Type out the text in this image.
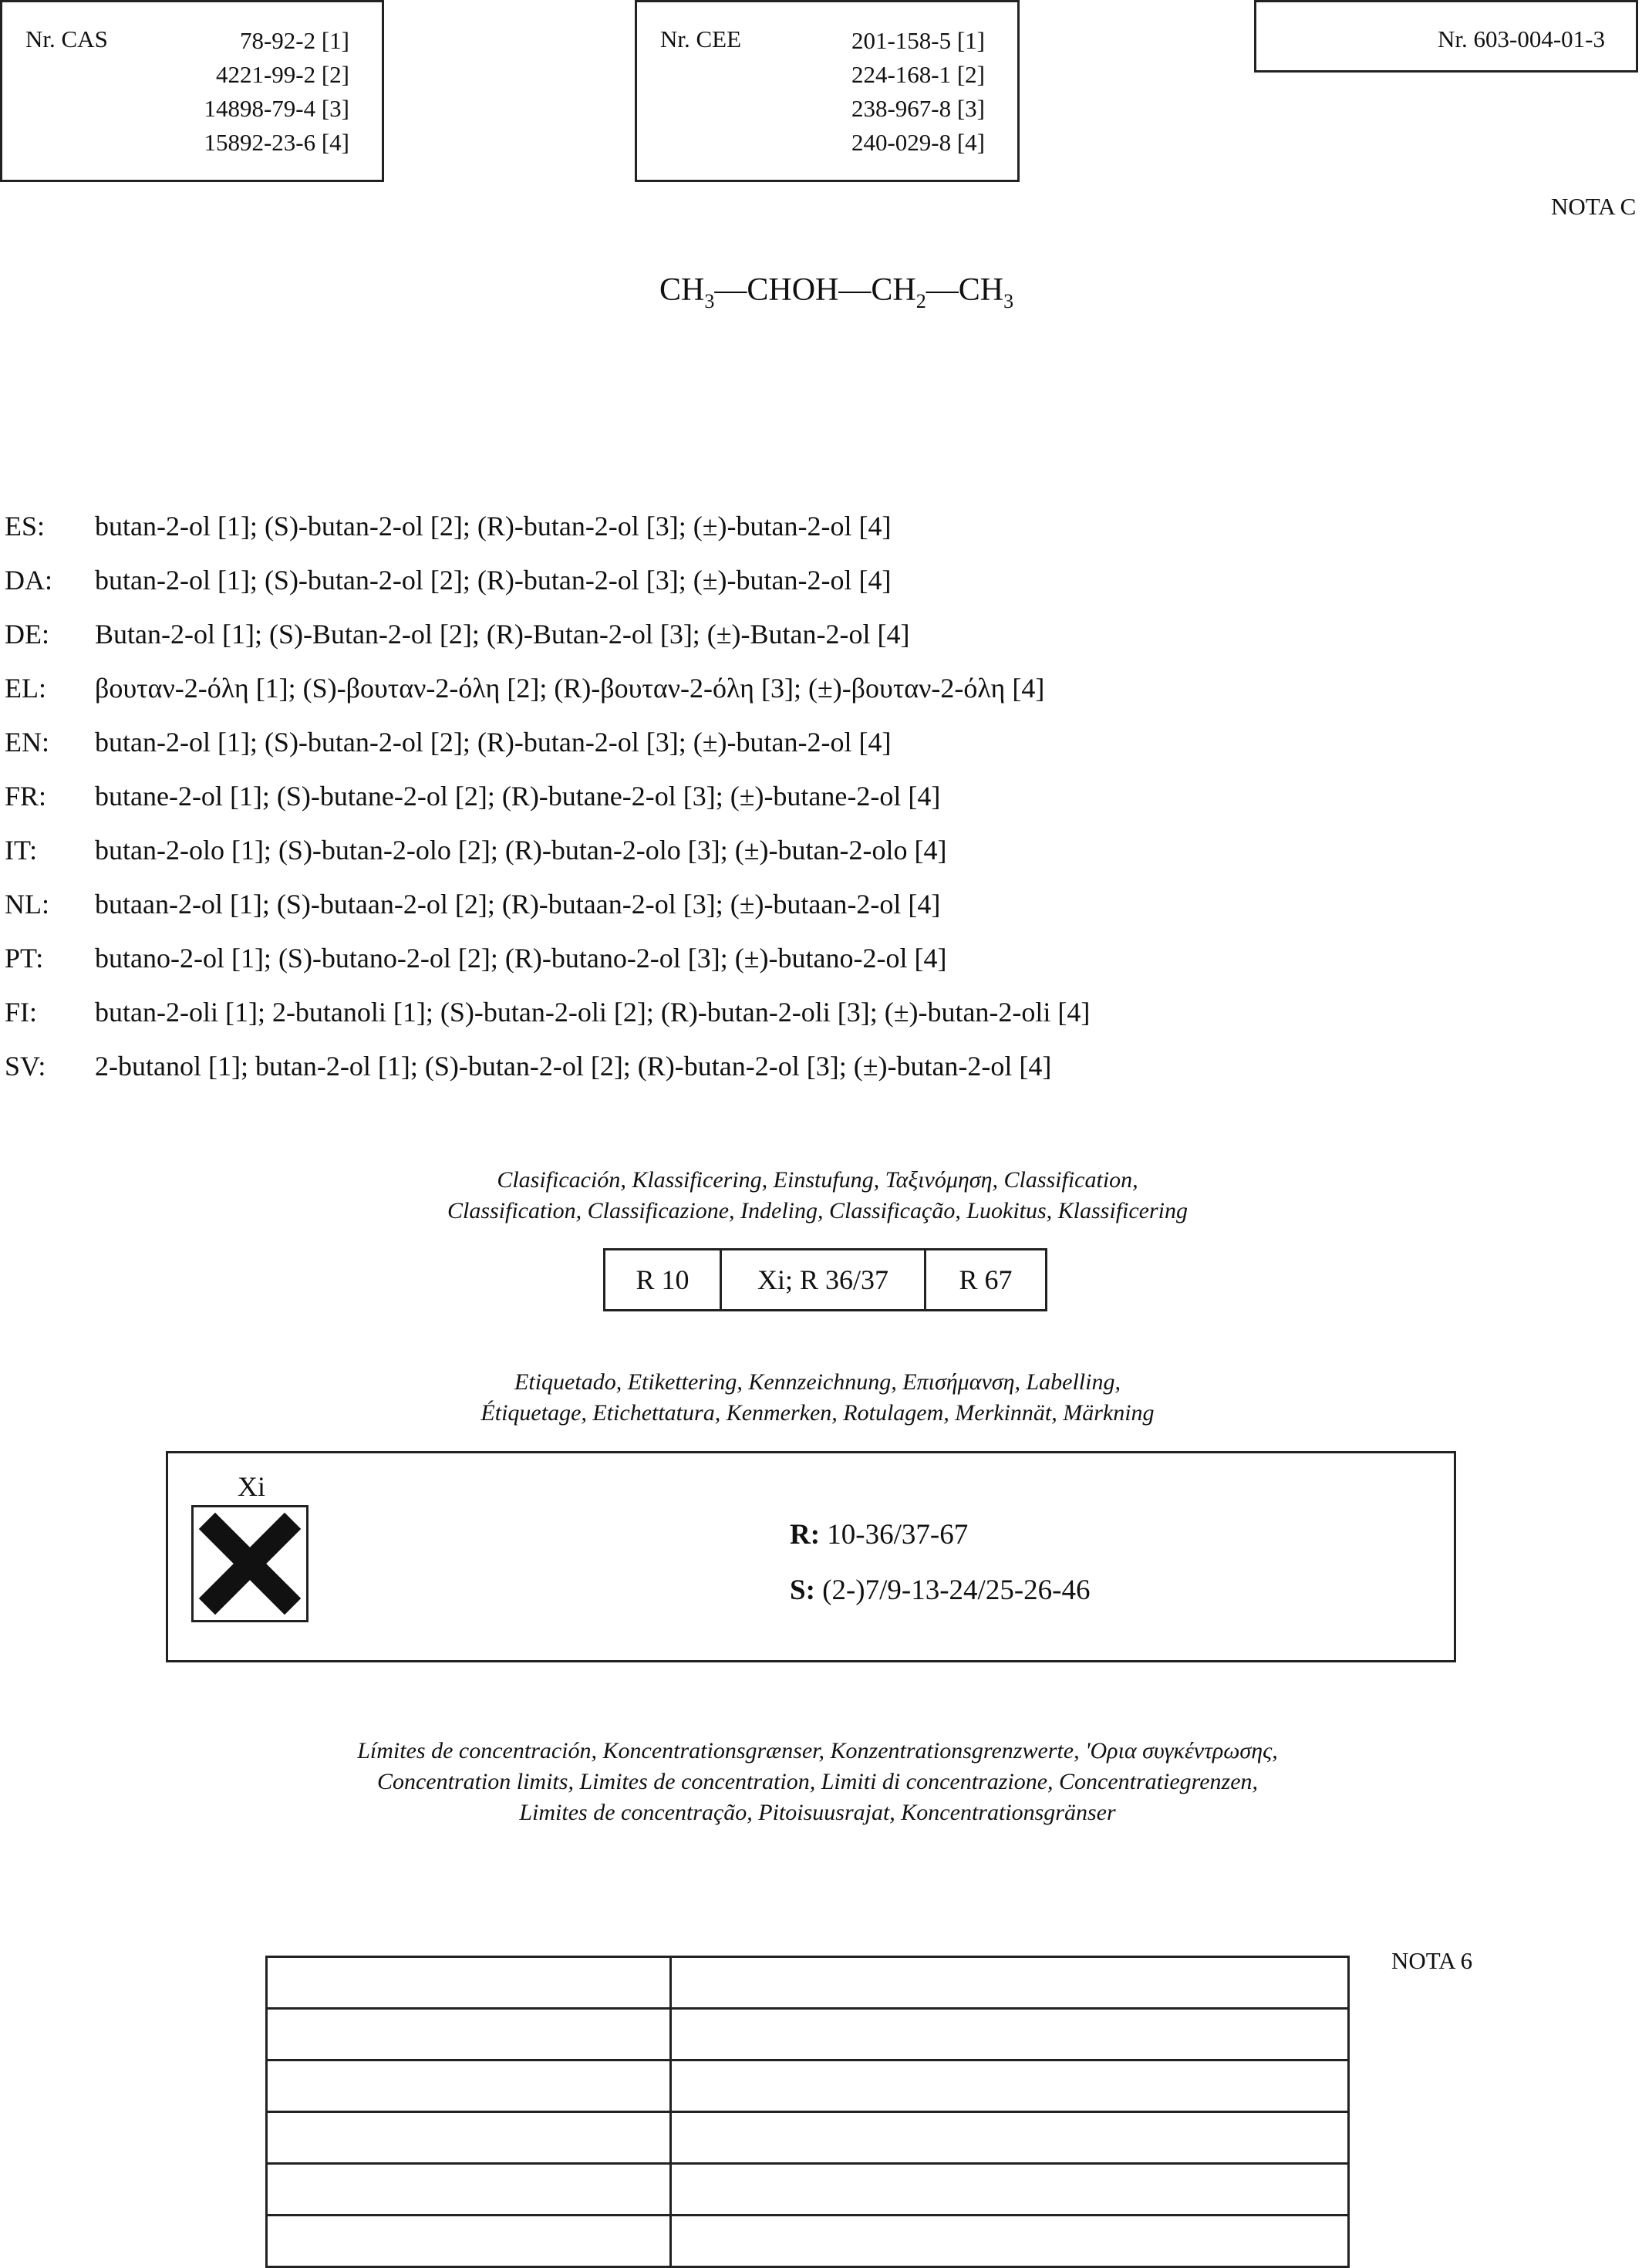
Nr. CAS	78-92-2 [1]
4221-99-2 [2]
14898-79-4 [3]
15892-23-6 [4]
Nr. CEE	201-158-5 [1]
224-168-1 [2]
238-967-8 [3]
240-029-8 [4]
Nr. 603-004-01-3
NOTA C
$CH_3—CHOH—CH_2—CH_3$
ES: butan-2-ol [1]; (S)-butan-2-ol [2]; (R)-butan-2-ol [3]; (±)-butan-2-ol [4]
DA: butan-2-ol [1]; (S)-butan-2-ol [2]; (R)-butan-2-ol [3]; (±)-butan-2-ol [4]
DE: Butan-2-ol [1]; (S)-Butan-2-ol [2]; (R)-Butan-2-ol [3]; (±)-Butan-2-ol [4]
EL: βουταν-2-όλη [1]; (S)-βουταν-2-όλη [2]; (R)-βουταν-2-όλη [3]; (±)-βουταν-2-όλη [4]
EN: butan-2-ol [1]; (S)-butan-2-ol [2]; (R)-butan-2-ol [3]; (±)-butan-2-ol [4]
FR: butane-2-ol [1]; (S)-butane-2-ol [2]; (R)-butane-2-ol [3]; (±)-butane-2-ol [4]
IT: butan-2-olo [1]; (S)-butan-2-olo [2]; (R)-butan-2-olo [3]; (±)-butan-2-olo [4]
NL: butaan-2-ol [1]; (S)-butaan-2-ol [2]; (R)-butaan-2-ol [3]; (±)-butaan-2-ol [4]
PT: butano-2-ol [1]; (S)-butano-2-ol [2]; (R)-butano-2-ol [3]; (±)-butano-2-ol [4]
FI: butan-2-oli [1]; 2-butanoli [1]; (S)-butan-2-oli [2]; (R)-butan-2-oli [3]; (±)-butan-2-oli [4]
SV: 2-butanol [1]; butan-2-ol [1]; (S)-butan-2-ol [2]; (R)-butan-2-ol [3]; (±)-butan-2-ol [4]
Clasificación, Klassificering, Einstufung, Ταξινόμηση, Classification,
Classification, Classificazione, Indeling, Classificação, Luokitus, Klassificering
R 10	Xi; R 36/37	R 67
Etiquetado, Etikettering, Kennzeichnung, Επισήμανση, Labelling,
Étiquetage, Etichettatura, Kenmerken, Rotulagem, Merkinnät, Märkning
Xi
R: 10-36/37-67
S: (2-)7/9-13-24/25-26-46
Límites de concentración, Koncentrationsgrænser, Konzentrationsgrenzwerte, 'Ορια συγκέντρωσης,
Concentration limits, Limites de concentration, Limiti di concentrazione, Concentratiegrenzen,
Limites de concentração, Pitoisuusrajat, Koncentrationsgränser

NOTA 6
